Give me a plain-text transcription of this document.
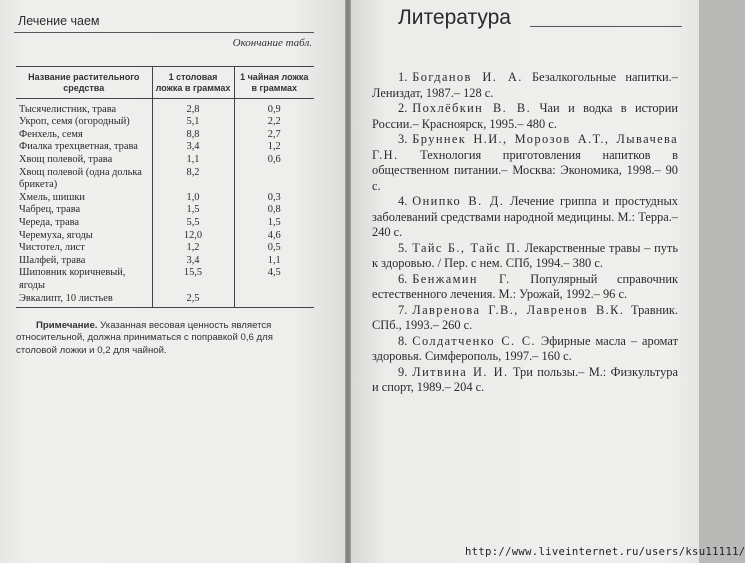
Лечение чаем
Окончание табл.
Название растительного средства	1 столовая ложка в граммах	1 чайная ложка в граммах
Тысячелистник, трава	2,8	0,9
Укроп, семя (огородный)	5,1	2,2
Фенхель, семя	8,8	2,7
Фиалка трехцветная, трава	3,4	1,2
Хвощ полевой, трава	1,1	0,6
Хвощ полевой (одна долька брикета)	8,2	
Хмель, шишки	1,0	0,3
Чабрец, трава	1,5	0,8
Череда, трава	5,5	1,5
Черемуха, ягоды	12,0	4,6
Чистотел, лист	1,2	0,5
Шалфей, трава	3,4	1,1
Шиповник коричневый, ягоды	15,5	4,5
Эвкалипт, 10 листьев	2,5	

Примечание. Указанная весовая ценность является относительной, должна приниматься с поправкой 0,6 для столовой ложки и 0,2 для чайной.

Литература
1. Богданов И. А. Безалкогольные напитки.– Лениздат, 1987.– 128 с.
2. Похлёбкин В. В. Чаи и водка в истории России.– Красноярск, 1995.– 480 с.
3. Бруннек Н.И., Морозов А.Т., Лывачева Г.Н. Технология приготовления напитков в общественном питании.– Москва: Экономика, 1998.– 90 с.
4. Онипко В. Д. Лечение гриппа и простудных заболеваний средствами народной медицины. М.: Терра.– 240 с.
5. Тайс Б., Тайс П. Лекарственные травы – путь к здоровью. / Пер. с нем. СПб, 1994.– 380 с.
6. Бенжамин Г. Популярный справочник естественного лечения. М.: Урожай, 1992.– 96 с.
7. Лавренова Г.В., Лавренов В.К. Травник. СПб., 1993.– 260 с.
8. Солдатченко С. С. Эфирные масла – аромат здоровья. Симферополь, 1997.– 160 с.
9. Литвина И. И. Три пользы.– М.: Физкультура и спорт, 1989.– 204 с.
http://www.liveinternet.ru/users/ksu11111/
